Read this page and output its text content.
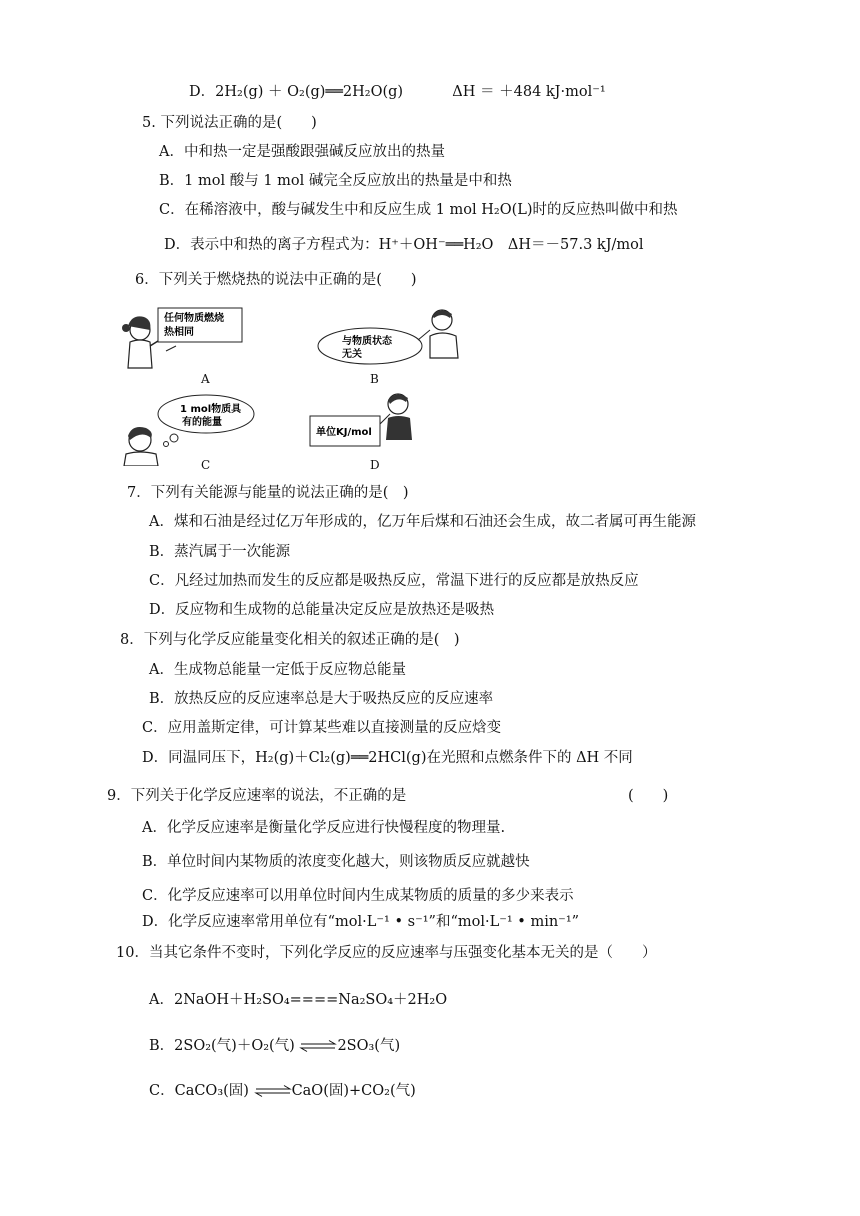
D．2H₂(g) ＋ O₂(g)══2H₂O(g)	ΔH ＝ ＋484 kJ·mol⁻¹
5. 下列说法正确的是(　　)
A．中和热一定是强酸跟强碱反应放出的热量
B．1 mol 酸与 1 mol 碱完全反应放出的热量是中和热
C．在稀溶液中，酸与碱发生中和反应生成 1 mol H₂O(L)时的反应热叫做中和热
D．表示中和热的离子方程式为：H⁺＋OH⁻══H₂O　ΔH＝－57.3 kJ/mol
6．下列关于燃烧热的说法中正确的是(　　)
任何物质燃烧
热相同
A
与物质状态
无关
B
1 mol物质具
有的能量
C
单位KJ/mol
D
7．下列有关能源与能量的说法正确的是(　)
A．煤和石油是经过亿万年形成的，亿万年后煤和石油还会生成，故二者属可再生能源
B．蒸汽属于一次能源
C．凡经过加热而发生的反应都是吸热反应，常温下进行的反应都是放热反应
D．反应物和生成物的总能量决定反应是放热还是吸热
8．下列与化学反应能量变化相关的叙述正确的是(　)
A．生成物总能量一定低于反应物总能量
B．放热反应的反应速率总是大于吸热反应的反应速率
C．应用盖斯定律，可计算某些难以直接测量的反应焓变
D．同温同压下，H₂(g)＋Cl₂(g)══2HCl(g)在光照和点燃条件下的 ΔH 不同
9．下列关于化学反应速率的说法，不正确的是	(　　)
A．化学反应速率是衡量化学反应进行快慢程度的物理量.
B．单位时间内某物质的浓度变化越大，则该物质反应就越快
C．化学反应速率可以用单位时间内生成某物质的质量的多少来表示
D．化学反应速率常用单位有“mol·L⁻¹ • s⁻¹”和“mol·L⁻¹ • min⁻¹”
10．当其它条件不变时，下列化学反应的反应速率与压强变化基本无关的是（　　）
A．2NaOH＋H₂SO₄====Na₂SO₄＋2H₂O
B．2SO₂(气)＋O₂(气) ⇌2SO₃(气)
C．CaCO₃(固) ⇌CaO(固)+CO₂(气)
